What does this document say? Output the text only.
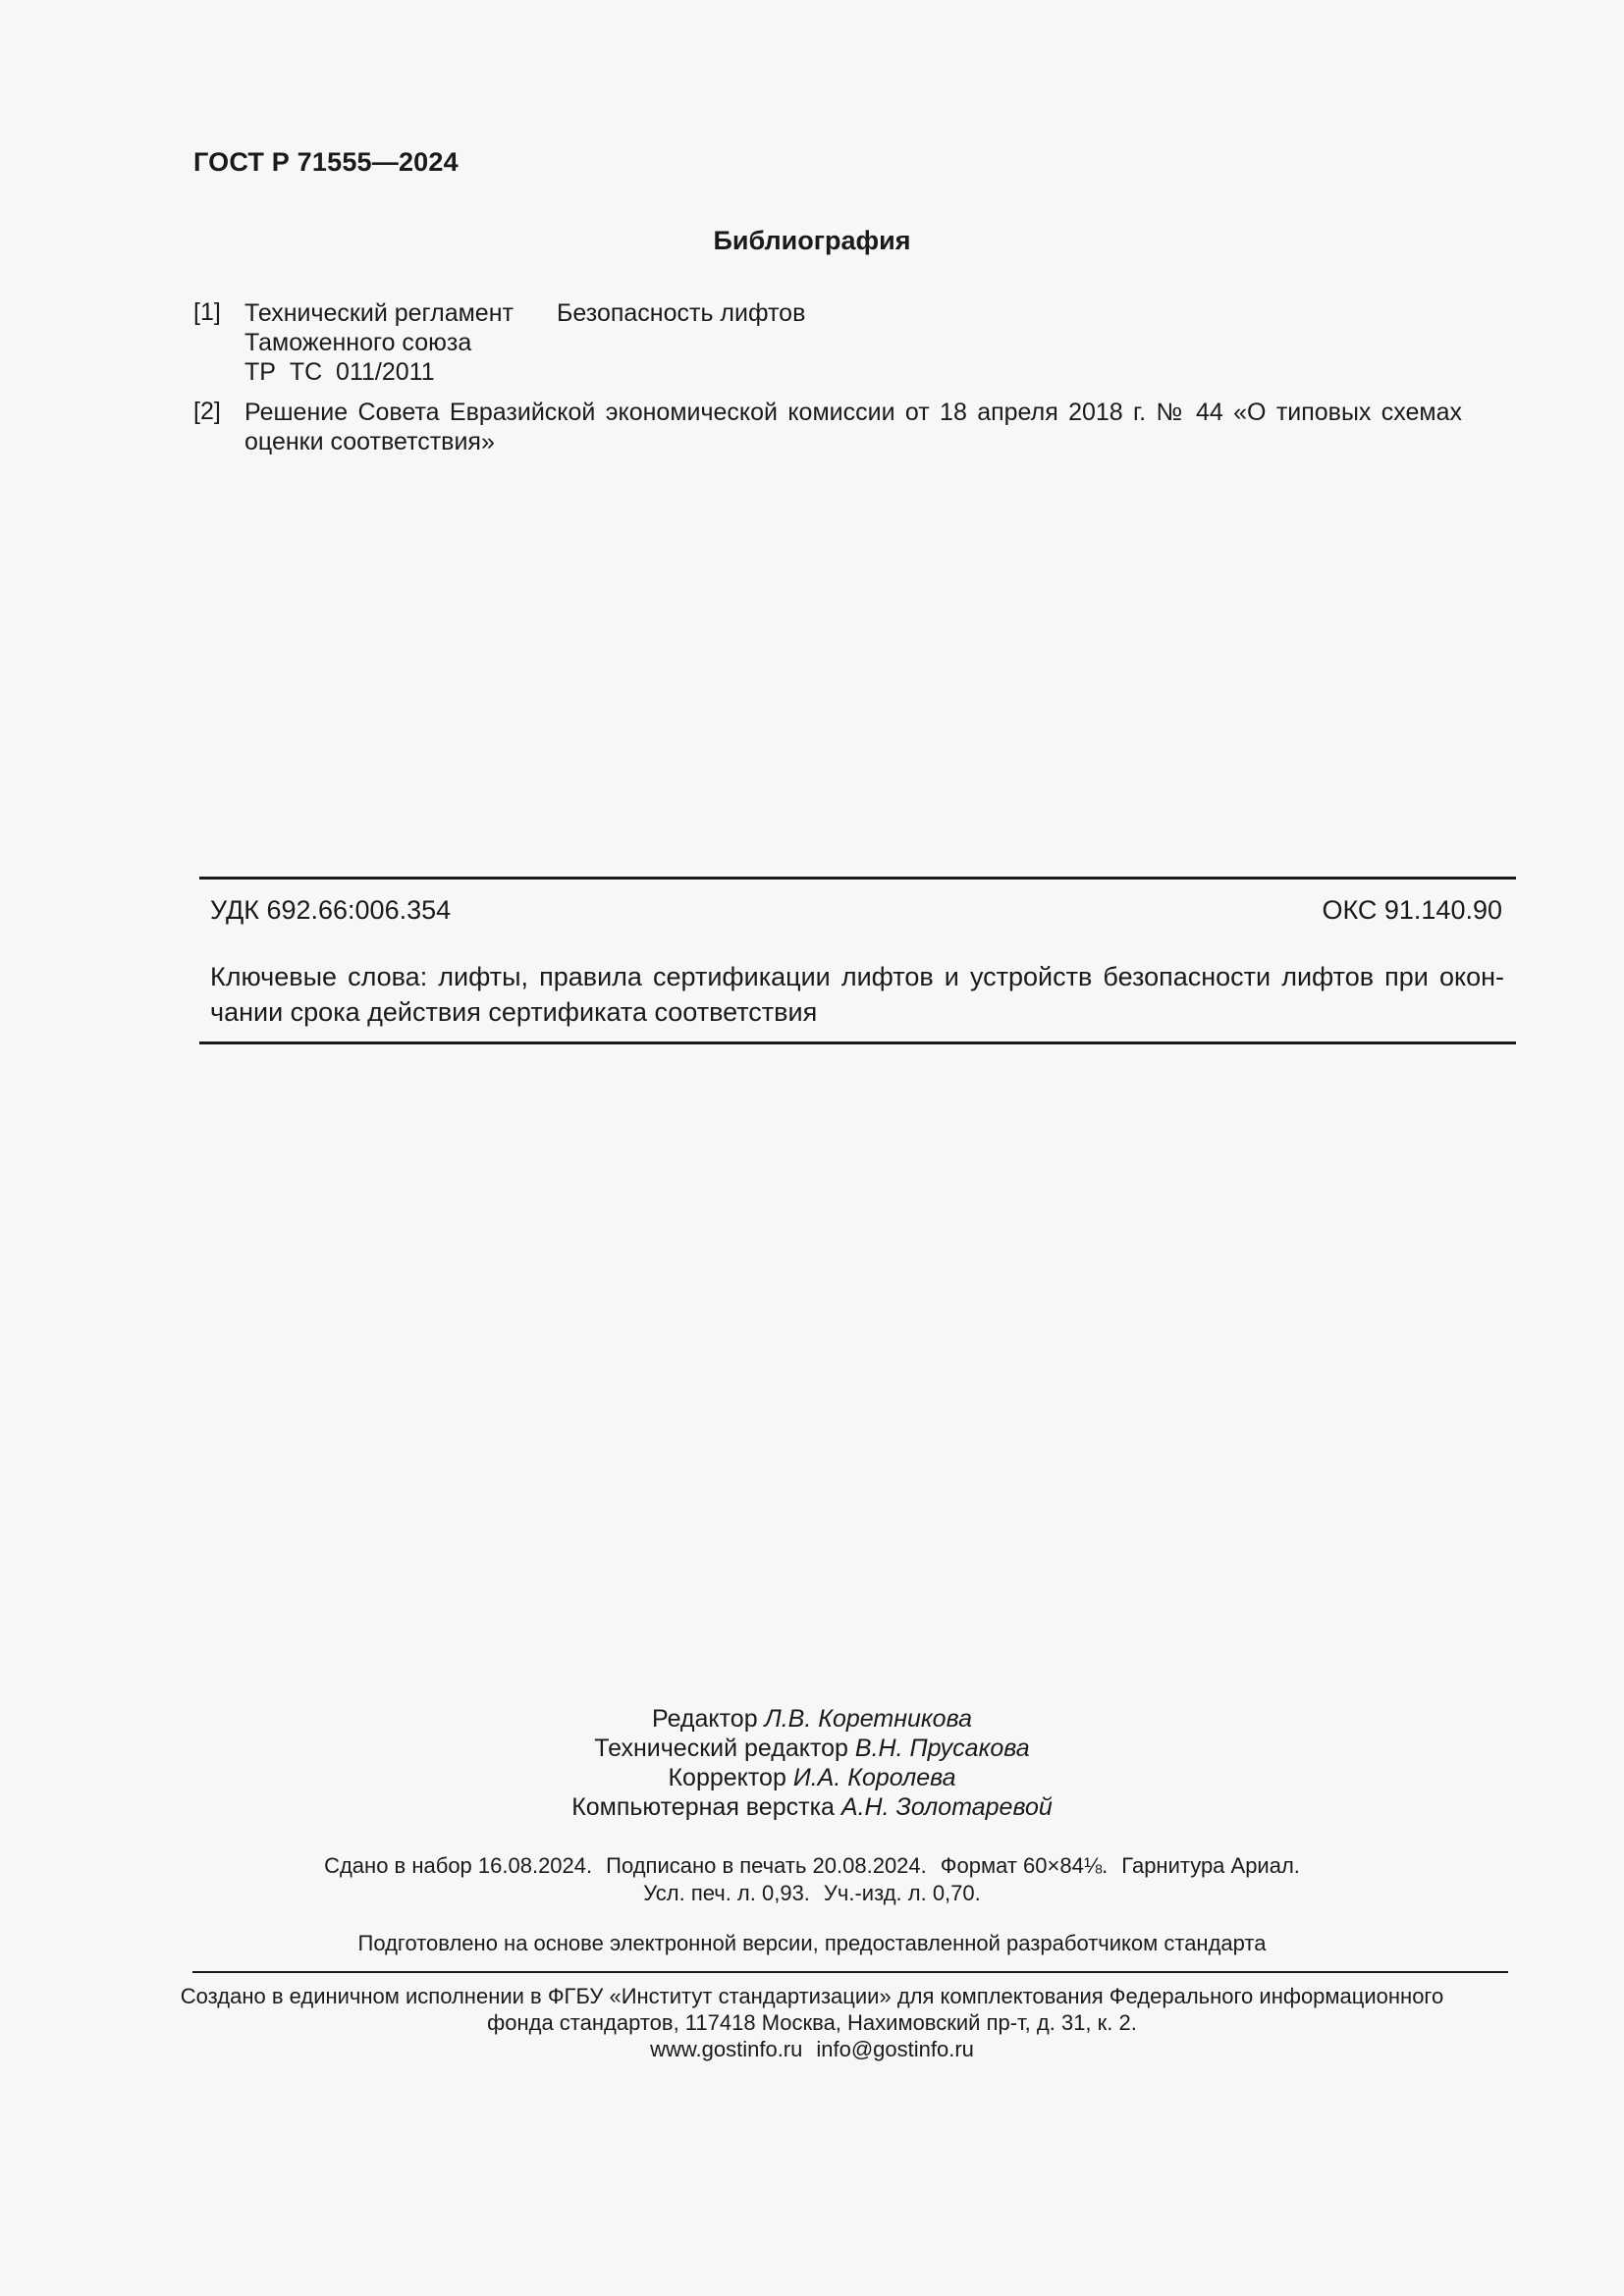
ГОСТ Р 71555—2024
Библиография
[1] Технический регламент
Таможенного союза
ТР  ТС  011/2011
Безопасность лифтов
[2] Решение Совета Евразийской экономической комиссии от 18 апреля 2018 г. № 44 «О типовых схемах оценки соответствия»
УДК 692.66:006.354	ОКС 91.140.90
Ключевые слова: лифты, правила сертификации лифтов и устройств безопасности лифтов при окон-чании срока действия сертификата соответствия
Редактор Л.В. Коретникова
Технический редактор В.Н. Прусакова
Корректор И.А. Королева
Компьютерная верстка А.Н. Золотаревой
Сдано в набор 16.08.2024. Подписано в печать 20.08.2024. Формат 60×84⅛. Гарнитура Ариал.
Усл. печ. л. 0,93. Уч.-изд. л. 0,70.
Подготовлено на основе электронной версии, предоставленной разработчиком стандарта
Создано в единичном исполнении в ФГБУ «Институт стандартизации» для комплектования Федерального информационного
фонда стандартов, 117418 Москва, Нахимовский пр-т, д. 31, к. 2.
www.gostinfo.ru info@gostinfo.ru
